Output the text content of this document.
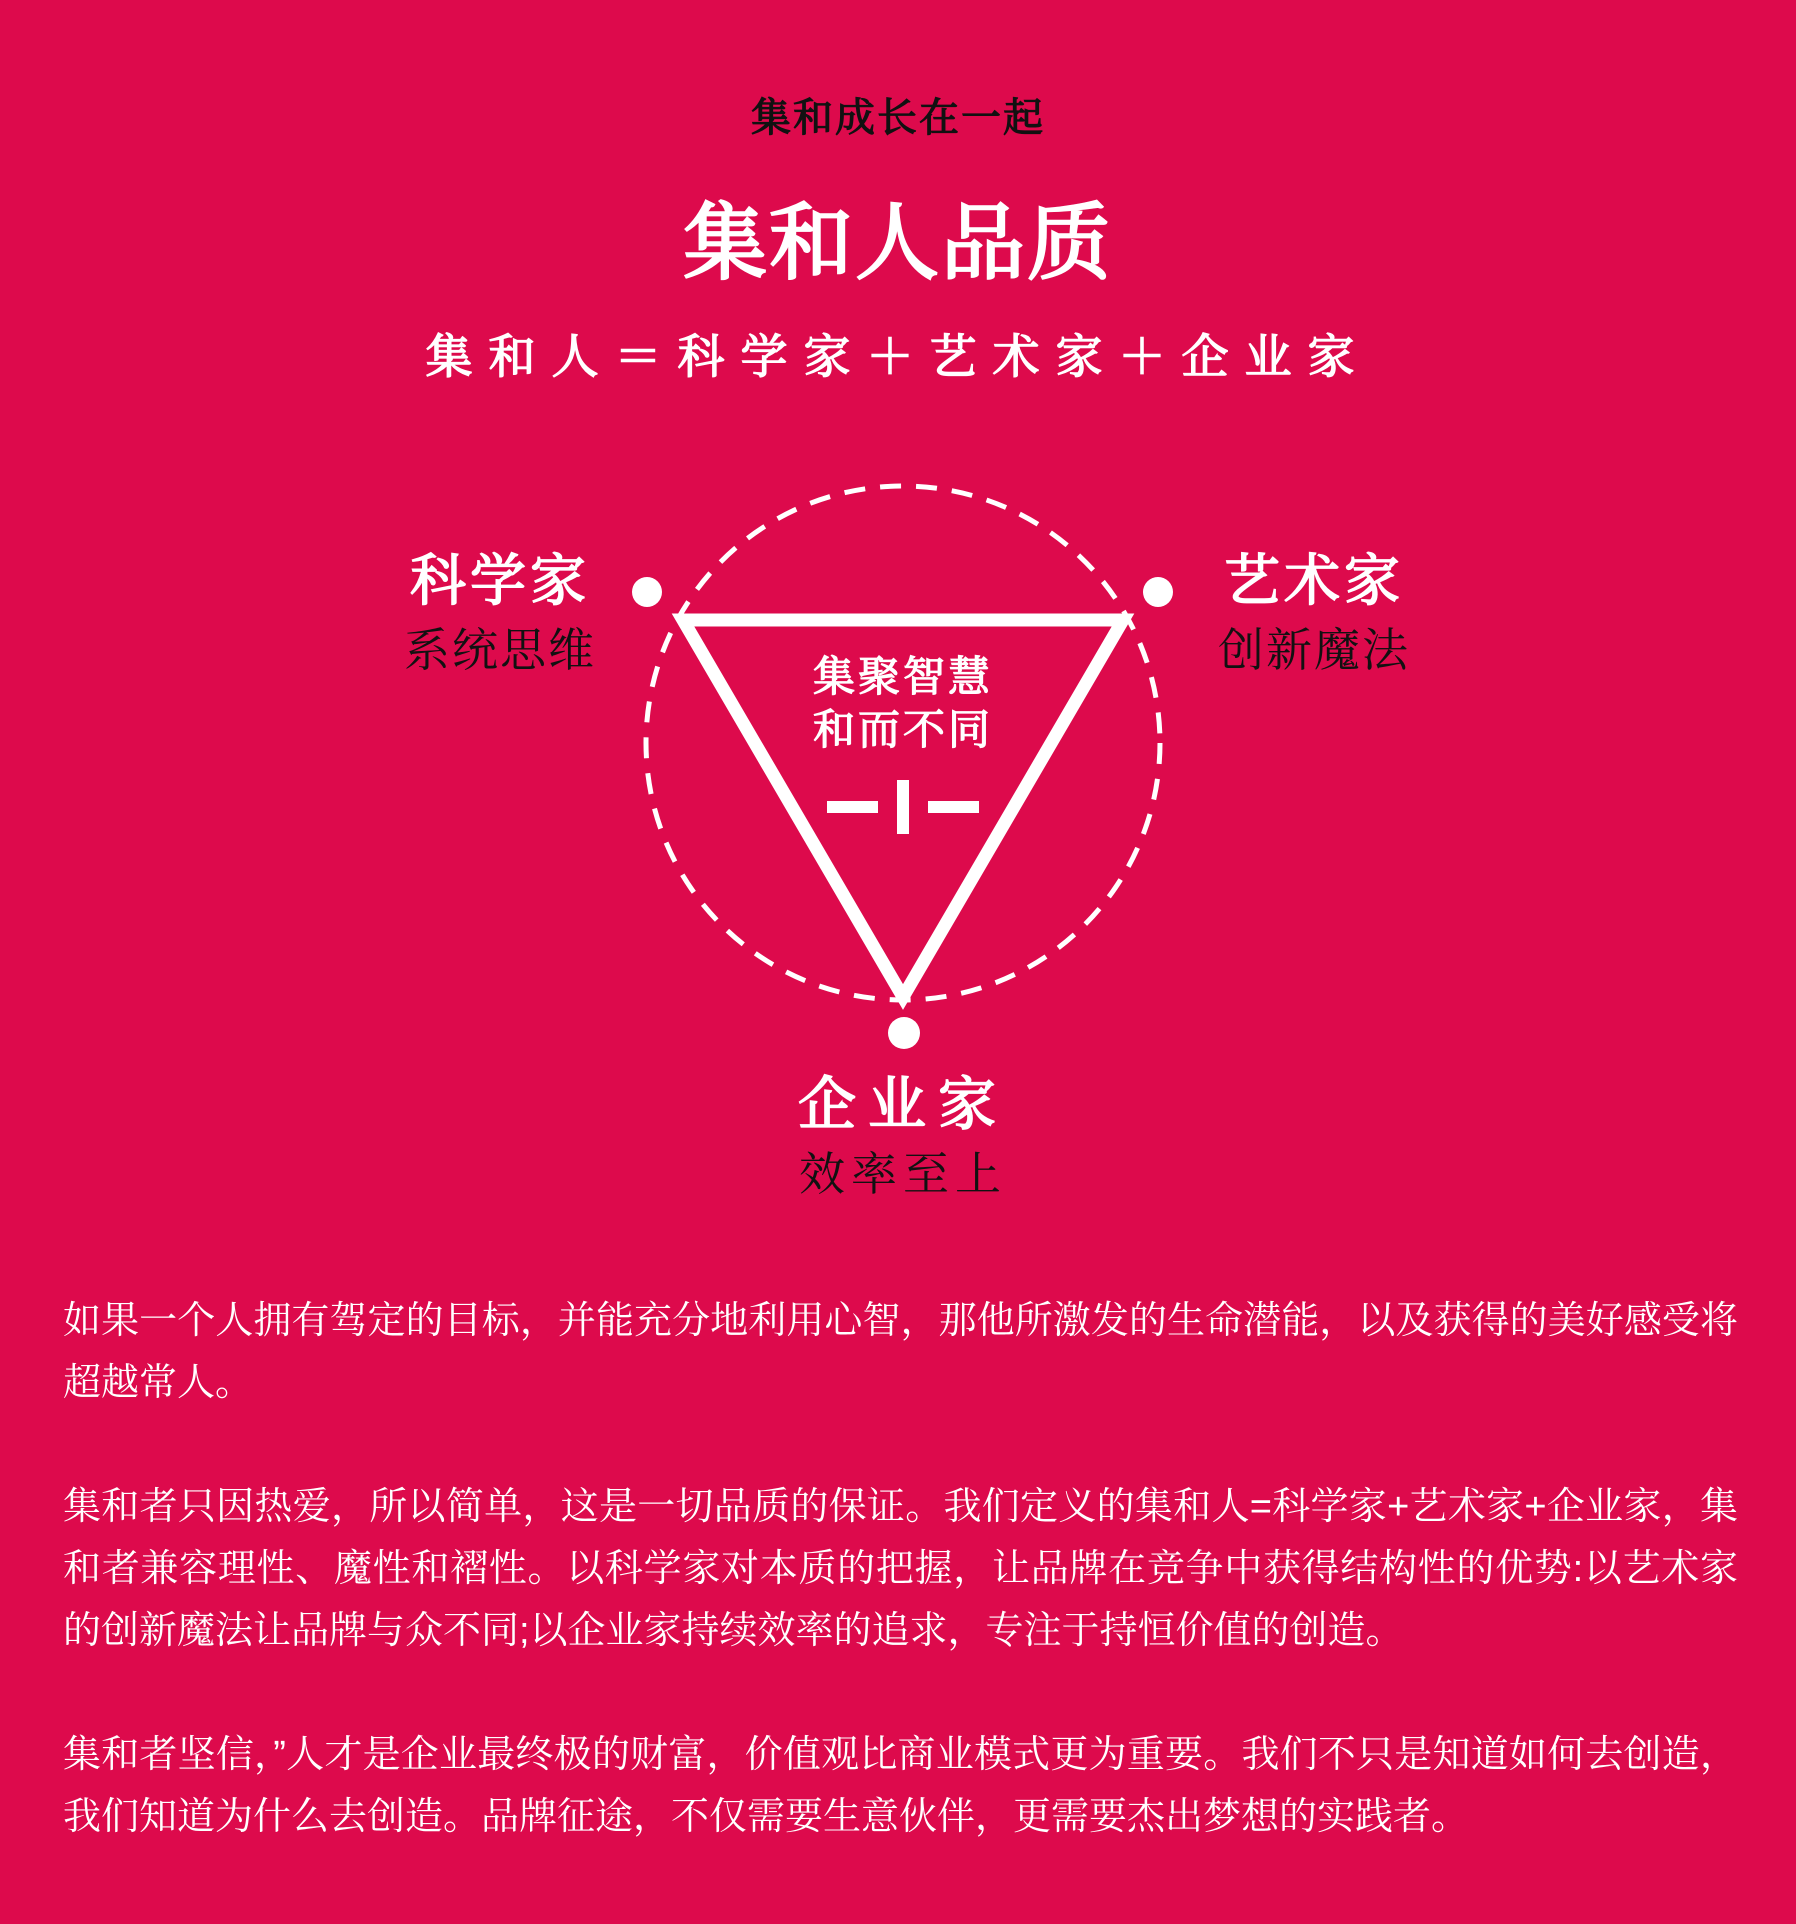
集和成长在一起
集和人品质
集和人＝科学家＋艺术家＋企业家
科学家
系统思维
艺术家
创新魔法
企业家
效率至上
集聚智慧
和而不同

如果一个人拥有驾定的目标，并能充分地利用心智，那他所激发的生命潜能，以及获得的美好感受将超越常人。

集和者只因热爱，所以简单，这是一切品质的保证。我们定义的集和人=科学家+艺术家+企业家，集和者兼容理性、魔性和褶性。以科学家对本质的把握，让品牌在竞争中获得结构性的优势:以艺术家的创新魔法让品牌与众不同;以企业家持续效率的追求，专注于持恒价值的创造。

集和者坚信，”人才是企业最终极的财富，价值观比商业模式更为重要。我们不只是知道如何去创造，我们知道为什么去创造。品牌征途，不仅需要生意伙伴，更需要杰出梦想的实践者。
